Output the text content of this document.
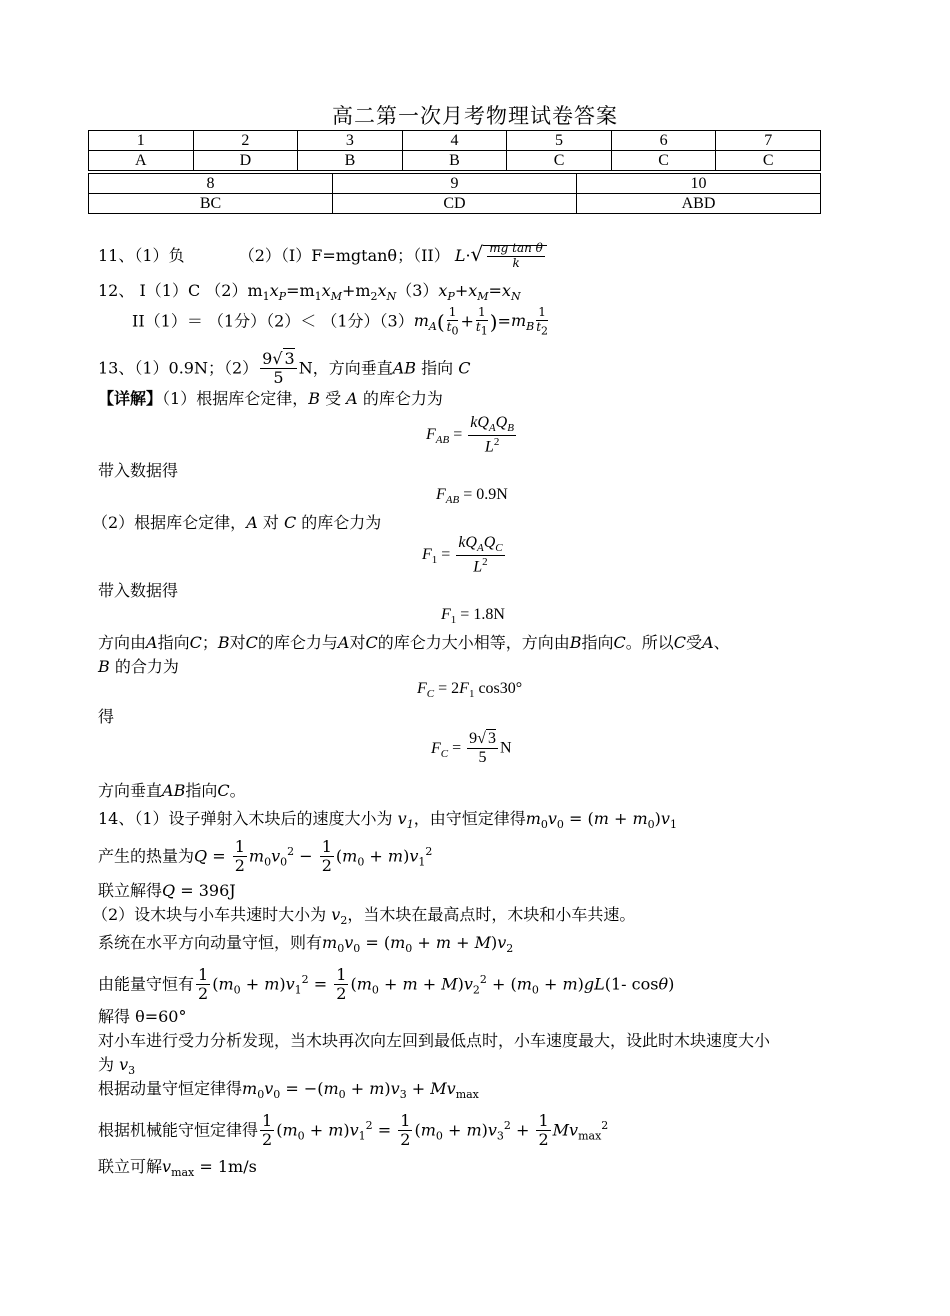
高二第一次月考物理试卷答案
1	2	3	4	5	6	7
A	D	B	B	C	C	C
8	9	10
BC	CD	ABD
11、（1）负	（2）（I）F=mgtanθ；（II） $L\cdot√ \frac{\text{mg tan θ}}{k}$
12、 I（1）C $(2)m_1x_P=m_1x_M+m_2x_N(3)x_P+x_M=x_N$
II（1）＝ （1分）（2）＜ （1分）$(3)m_A( \frac{1}{t_0} + \frac{1}{t_1} )=m_B \frac{1}{t_2}$
13、（1）0.9N；$(2) \frac{9√ 3}{5}$ N，方向垂直AB 指向 C
【详解】（1）根据库仑定律，B 受 A 的库仑力为
$F_{AB} = \frac{kQ_AQ_B}{L^2}$
带入数据得
$F_{AB} = 0.9N$
（2）根据库仑定律，A 对 C 的库仑力为
$F_1 = \frac{kQ_AQ_C}{L^2}$
带入数据得
$F_1 = 1.8N$
方向由A指向C；B对C的库仑力与A对C的库仑力大小相等，方向由B指向C。所以C受A、
B 的合力为
$F_C = 2F_1$ cos30°
得
$F_C = \frac{9√ 3}{5}$ N
方向垂直AB指向C。
14、（1）设子弹射入木块后的速度大小为 $v_1$，由守恒定律得$m_0v_0 = (m + m_0)v_1$
产生的热量为$Q = \frac{1}{2} m_0v_0^2 - \frac{1}{2} (m_0 + m)v_1^2$
联立解得Q = 396J
（2）设木块与小车共速时大小为 $v_2$，当木块在最高点时，木块和小车共速。
系统在水平方向动量守恒，则有$m_0v_0 = (m_0 + m + M)v_2$
由能量守恒有 $\frac{1}{2} (m_0 + m)v_1^2 = \frac{1}{2} (m_0 + m + M)v_2^2 + (m_0 + m)gL(1-$ cosθ)
解得 θ=60°
对小车进行受力分析发现，当木块再次向左回到最低点时，小车速度最大，设此时木块速度大小
为 $v_3$
根据动量守恒定律得$m_0v_0 = -(m_0 + m)v_3 + Mv_{max}$
根据机械能守恒定律得 $\frac{1}{2} (m_0 + m)v_1^2 = \frac{1}{2} (m_0 + m)v_3^2 + \frac{1}{2} Mv_{max}^2$
联立可解$v_{max} = 1m/s$
